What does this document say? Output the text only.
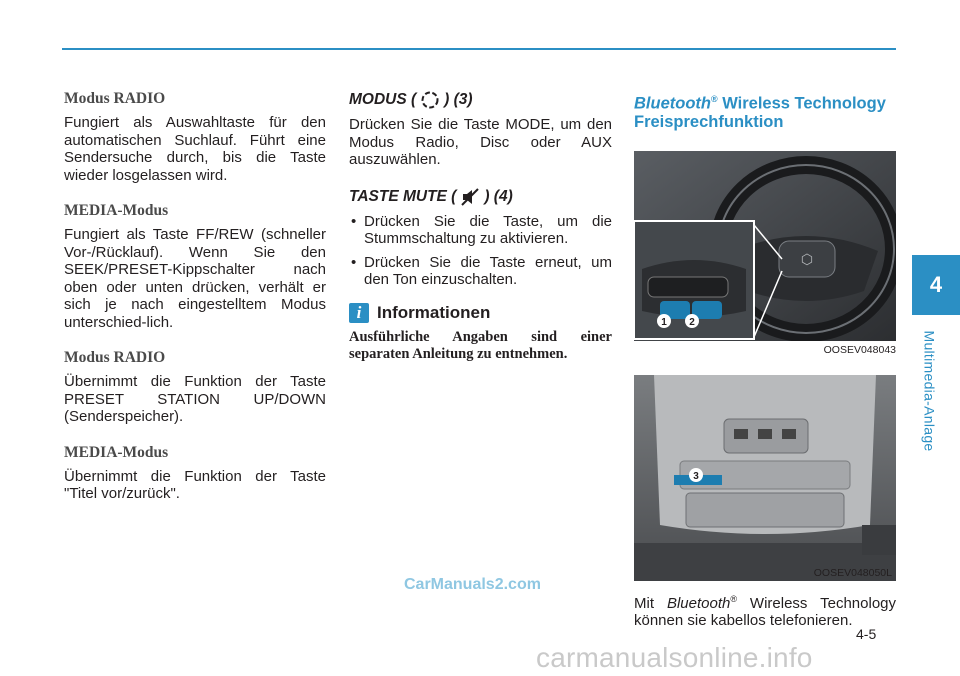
Modus RADIO

Fungiert als Auswahltaste für den automatischen Suchlauf. Führt eine Sendersuche durch, bis die Taste wieder losgelassen wird.

MEDIA-Modus

Fungiert als Taste FF/REW (schneller Vor-/Rücklauf). Wenn Sie den SEEK/PRESET-Kippschalter nach oben oder unten drücken, verhält er sich je nach eingestelltem Modus unterschied-lich.

Modus RADIO

Übernimmt die Funktion der Taste PRESET STATION UP/DOWN (Senderspeicher).

MEDIA-Modus

Übernimmt die Funktion der Taste "Titel vor/zurück".

MODUS ( ) (3)

Drücken Sie die Taste MODE, um den Modus Radio, Disc oder AUX auszuwählen.

TASTE MUTE ( ) (4)
• Drücken Sie die Taste, um die Stummschaltung zu aktivieren.
• Drücken Sie die Taste erneut, um den Ton einzuschalten.
i Informationen

Ausführliche Angaben sind einer separaten Anleitung zu entnehmen.

Bluetooth® Wireless Technology
Freisprechfunktion
⬡
1 2
OOSEV048043
3
OOSEV048050L

Mit Bluetooth® Wireless Technology können sie kabellos telefonieren.

4
Multimedia-Anlage
4-5
CarManuals2.com
carmanualsonline.info
